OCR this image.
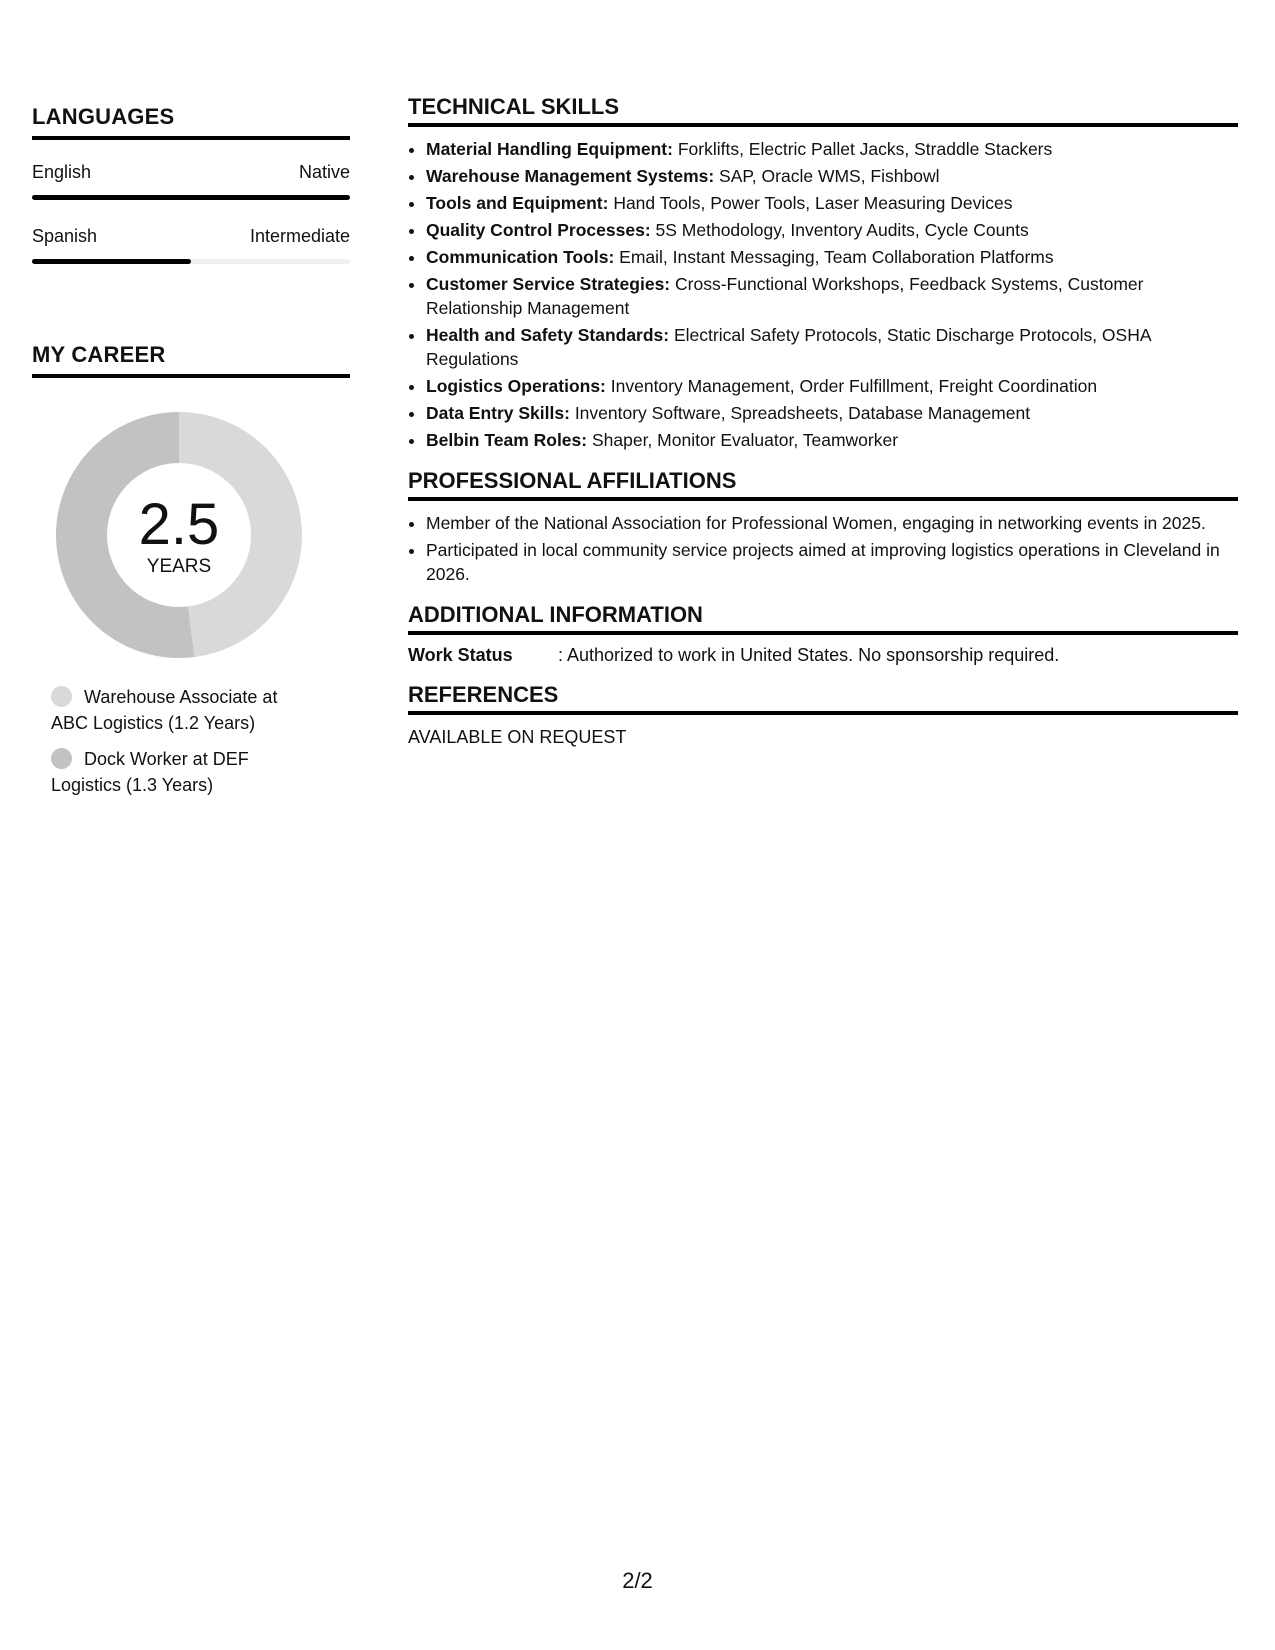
LANGUAGES
English	Native
Spanish	Intermediate
MY CAREER
2.5
YEARS
Warehouse Associate at ABC Logistics (1.2 Years)
Dock Worker at DEF Logistics (1.3 Years)
TECHNICAL SKILLS
• Material Handling Equipment: Forklifts, Electric Pallet Jacks, Straddle Stackers
• Warehouse Management Systems: SAP, Oracle WMS, Fishbowl
• Tools and Equipment: Hand Tools, Power Tools, Laser Measuring Devices
• Quality Control Processes: 5S Methodology, Inventory Audits, Cycle Counts
• Communication Tools: Email, Instant Messaging, Team Collaboration Platforms
• Customer Service Strategies: Cross-Functional Workshops, Feedback Systems, Customer Relationship Management
• Health and Safety Standards: Electrical Safety Protocols, Static Discharge Protocols, OSHA Regulations
• Logistics Operations: Inventory Management, Order Fulfillment, Freight Coordination
• Data Entry Skills: Inventory Software, Spreadsheets, Database Management
• Belbin Team Roles: Shaper, Monitor Evaluator, Teamworker
PROFESSIONAL AFFILIATIONS
• Member of the National Association for Professional Women, engaging in networking events in 2025.
• Participated in local community service projects aimed at improving logistics operations in Cleveland in 2026.
ADDITIONAL INFORMATION
Work Status	: Authorized to work in United States. No sponsorship required.
REFERENCES
AVAILABLE ON REQUEST
2/2
